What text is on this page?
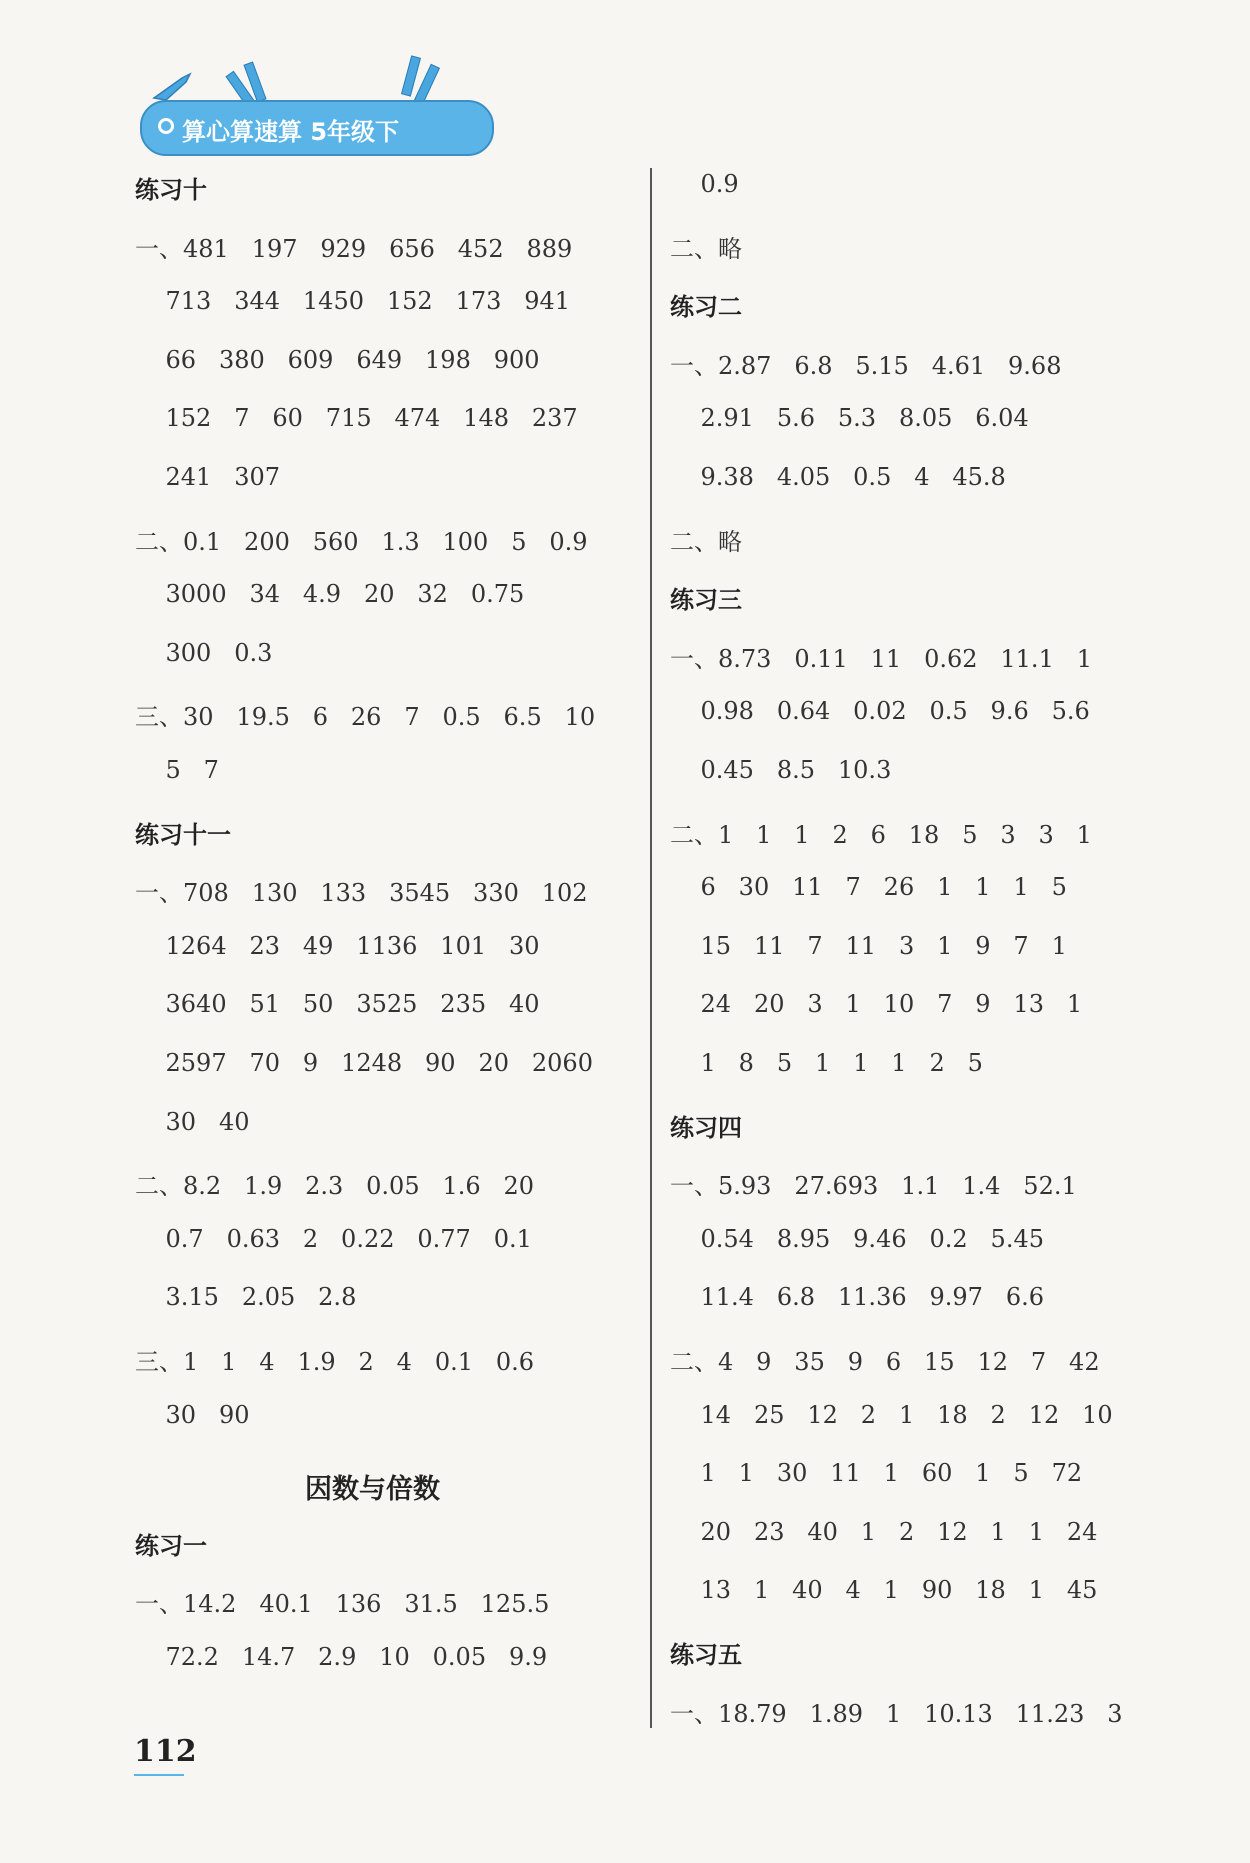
算心算速算 5年级下
练习十
一、481   197   929   656   452   889
713   344   1450   152   173   941
66   380   609   649   198   900
152   7   60   715   474   148   237
241   307
二、0.1   200   560   1.3   100   5   0.9
3000   34   4.9   20   32   0.75
300   0.3
三、30   19.5   6   26   7   0.5   6.5   10
5   7
练习十一
一、708   130   133   3545   330   102
1264   23   49   1136   101   30
3640   51   50   3525   235   40
2597   70   9   1248   90   20   2060
30   40
二、8.2   1.9   2.3   0.05   1.6   20
0.7   0.63   2   0.22   0.77   0.1
3.15   2.05   2.8
三、1   1   4   1.9   2   4   0.1   0.6
30   90
因数与倍数
练习一
一、14.2   40.1   136   31.5   125.5
72.2   14.7   2.9   10   0.05   9.9
0.9
二、略
练习二
一、2.87   6.8   5.15   4.61   9.68
2.91   5.6   5.3   8.05   6.04
9.38   4.05   0.5   4   45.8
二、略
练习三
一、8.73   0.11   11   0.62   11.1   1
0.98   0.64   0.02   0.5   9.6   5.6
0.45   8.5   10.3
二、1   1   1   2   6   18   5   3   3   1
6   30   11   7   26   1   1   1   5
15   11   7   11   3   1   9   7   1
24   20   3   1   10   7   9   13   1
1   8   5   1   1   1   2   5
练习四
一、5.93   27.693   1.1   1.4   52.1
0.54   8.95   9.46   0.2   5.45
11.4   6.8   11.36   9.97   6.6
二、4   9   35   9   6   15   12   7   42
14   25   12   2   1   18   2   12   10
1   1   30   11   1   60   1   5   72
20   23   40   1   2   12   1   1   24
13   1   40   4   1   90   18   1   45
练习五
一、18.79   1.89   1   10.13   11.23   3
112
